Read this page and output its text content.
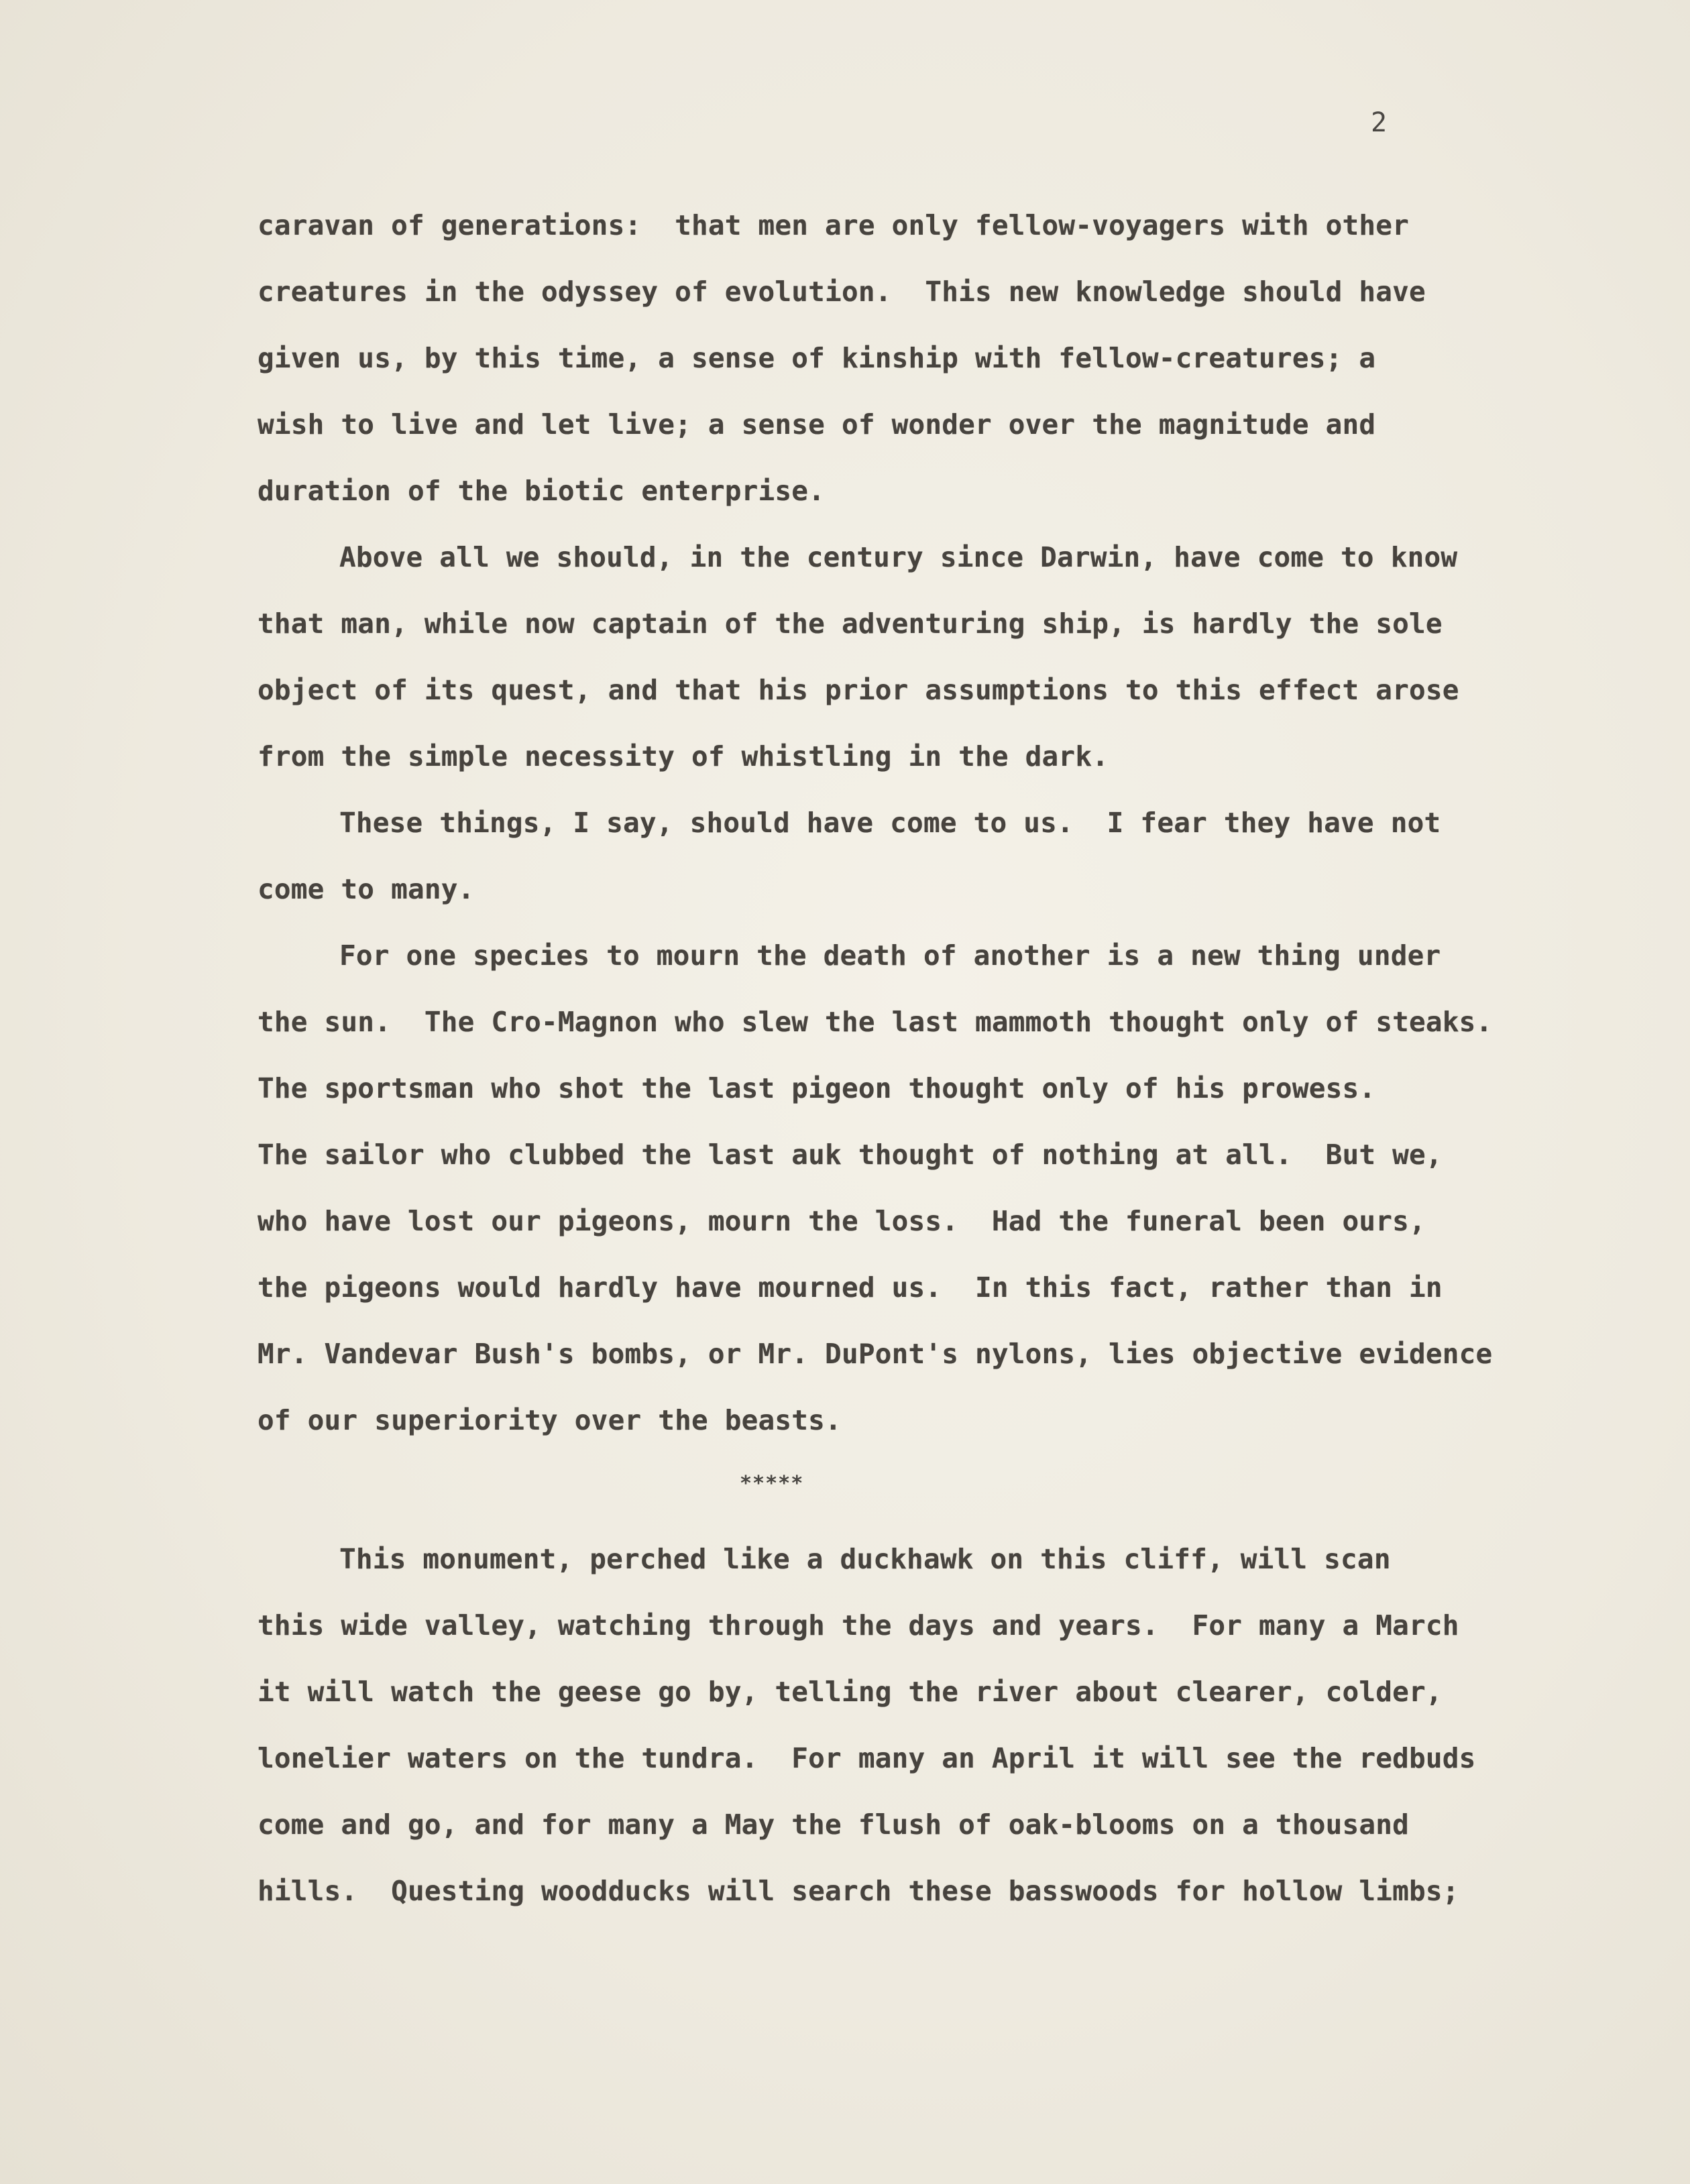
2
caravan of generations:  that men are only fellow-voyagers with other
creatures in the odyssey of evolution.  This new knowledge should have
given us, by this time, a sense of kinship with fellow-creatures; a
wish to live and let live; a sense of wonder over the magnitude and
duration of the biotic enterprise.
Above all we should, in the century since Darwin, have come to know
that man, while now captain of the adventuring ship, is hardly the sole
object of its quest, and that his prior assumptions to this effect arose
from the simple necessity of whistling in the dark.
These things, I say, should have come to us.  I fear they have not
come to many.
For one species to mourn the death of another is a new thing under
the sun.  The Cro-Magnon who slew the last mammoth thought only of steaks.
The sportsman who shot the last pigeon thought only of his prowess.
The sailor who clubbed the last auk thought of nothing at all.  But we,
who have lost our pigeons, mourn the loss.  Had the funeral been ours,
the pigeons would hardly have mourned us.  In this fact, rather than in
Mr. Vandevar Bush's bombs, or Mr. DuPont's nylons, lies objective evidence
of our superiority over the beasts.
*****
This monument, perched like a duckhawk on this cliff, will scan
this wide valley, watching through the days and years.  For many a March
it will watch the geese go by, telling the river about clearer, colder,
lonelier waters on the tundra.  For many an April it will see the redbuds
come and go, and for many a May the flush of oak-blooms on a thousand
hills.  Questing woodducks will search these basswoods for hollow limbs;
